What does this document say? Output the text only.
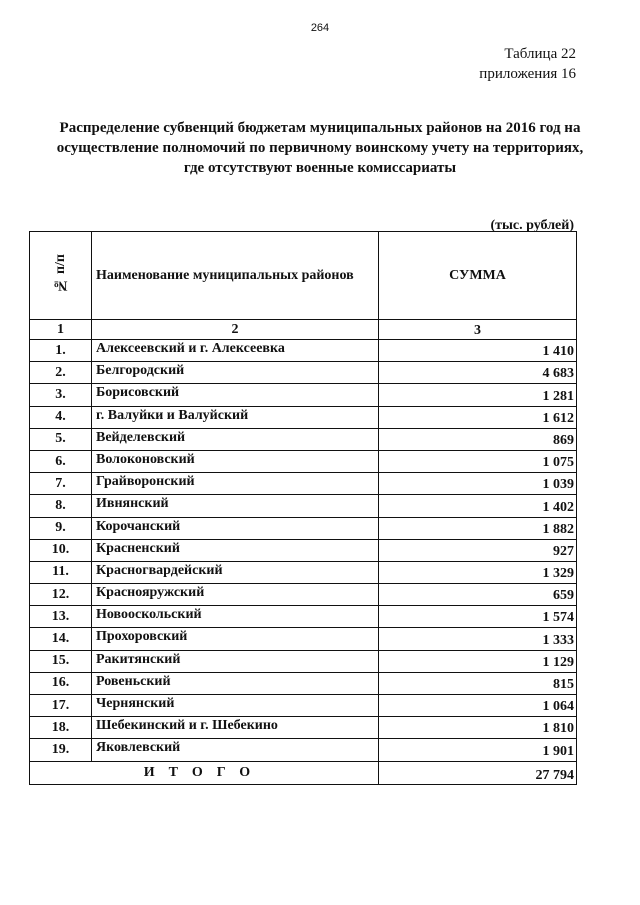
264
Таблица 22
приложения 16
Распределение субвенций бюджетам муниципальных районов на 2016 год на
осуществление полномочий по первичному воинскому учету на территориях,
где отсутствуют военные комиссариаты
(тыс. рублей)
№ п/п	Наименование муниципальных районов	СУММА
1	2	3
1.	Алексеевский и г. Алексеевка	1 410
2.	Белгородский	4 683
3.	Борисовский	1 281
4.	г. Валуйки и Валуйский	1 612
5.	Вейделевский	869
6.	Волоконовский	1 075
7.	Грайворонский	1 039
8.	Ивнянский	1 402
9.	Корочанский	1 882
10.	Красненский	927
11.	Красногвардейский	1 329
12.	Краснояружский	659
13.	Новооскольский	1 574
14.	Прохоровский	1 333
15.	Ракитянский	1 129
16.	Ровеньский	815
17.	Чернянский	1 064
18.	Шебекинский и г. Шебекино	1 810
19.	Яковлевский	1 901
ИТОГО		27 794
